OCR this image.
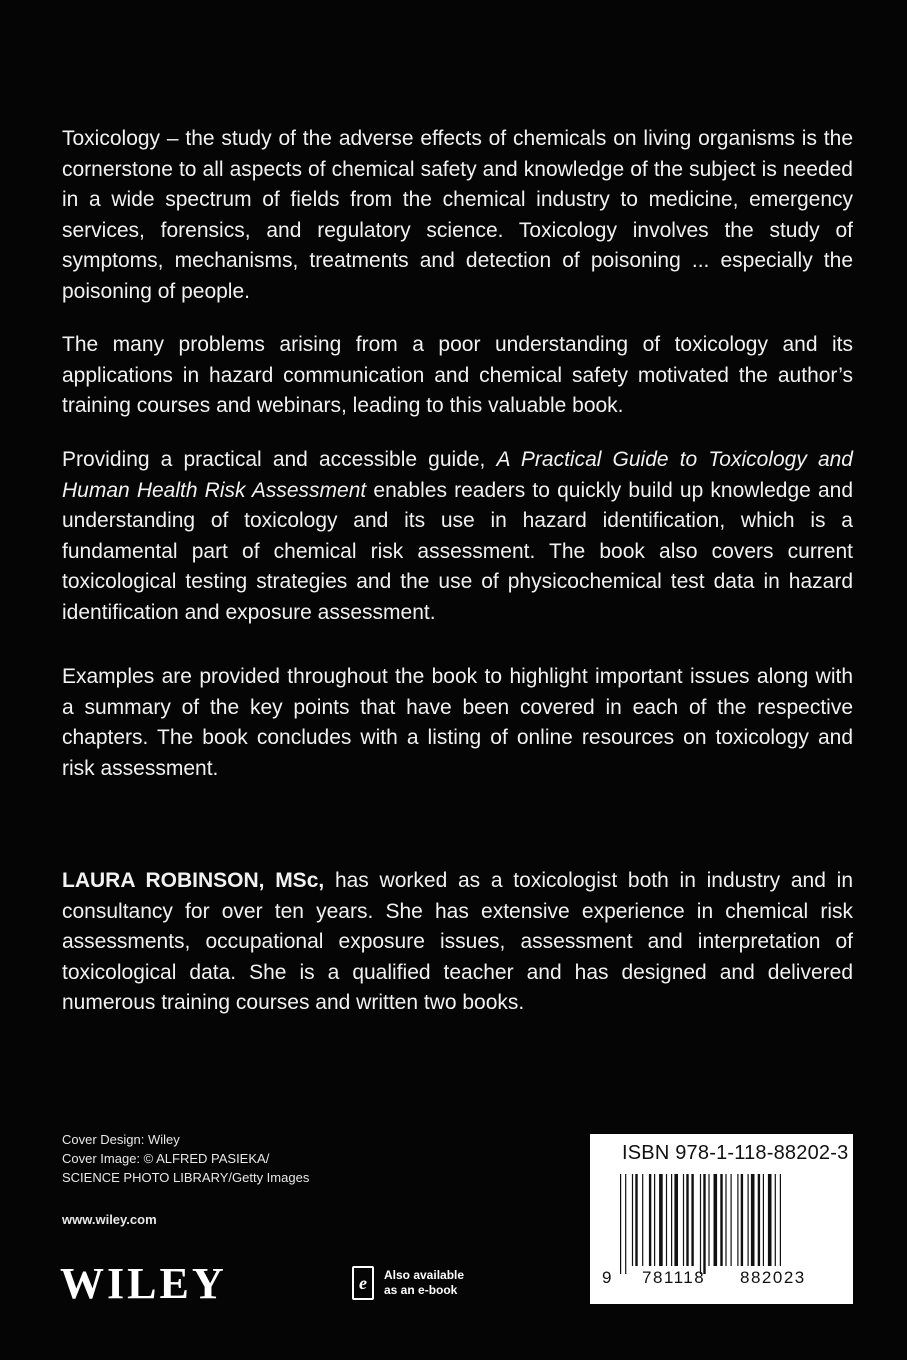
Toxicology – the study of the adverse effects of chemicals on living organisms is the cornerstone to all aspects of chemical safety and knowledge of the subject is needed in a wide spectrum of fields from the chemical industry to medicine, emergency services, forensics, and regulatory science. Toxicology involves the study of symptoms, mechanisms, treatments and detection of poisoning ... especially the poisoning of people.

The many problems arising from a poor understanding of toxicology and its applications in hazard communication and chemical safety motivated the author’s training courses and webinars, leading to this valuable book.

Providing a practical and accessible guide, A Practical Guide to Toxicology and Human Health Risk Assessment enables readers to quickly build up knowledge and understanding of toxicology and its use in hazard identification, which is a fundamental part of chemical risk assessment. The book also covers current toxicological testing strategies and the use of physicochemical test data in hazard identification and exposure assessment.

Examples are provided throughout the book to highlight important issues along with a summary of the key points that have been covered in each of the respective chapters. The book concludes with a listing of online resources on toxicology and risk assessment.

LAURA ROBINSON, MSc, has worked as a toxicologist both in industry and in consultancy for over ten years. She has extensive experience in chemical risk assessments, occupational exposure issues, assessment and interpretation of toxicological data. She is a qualified teacher and has designed and delivered numerous training courses and written two books.

Cover Design: Wiley
Cover Image: © ALFRED PASIEKA/
SCIENCE PHOTO LIBRARY/Getty Images
www.wiley.com
WILEY	e	Also available
as an e-book
ISBN 978-1-118-88202-3
9 781118 882023
